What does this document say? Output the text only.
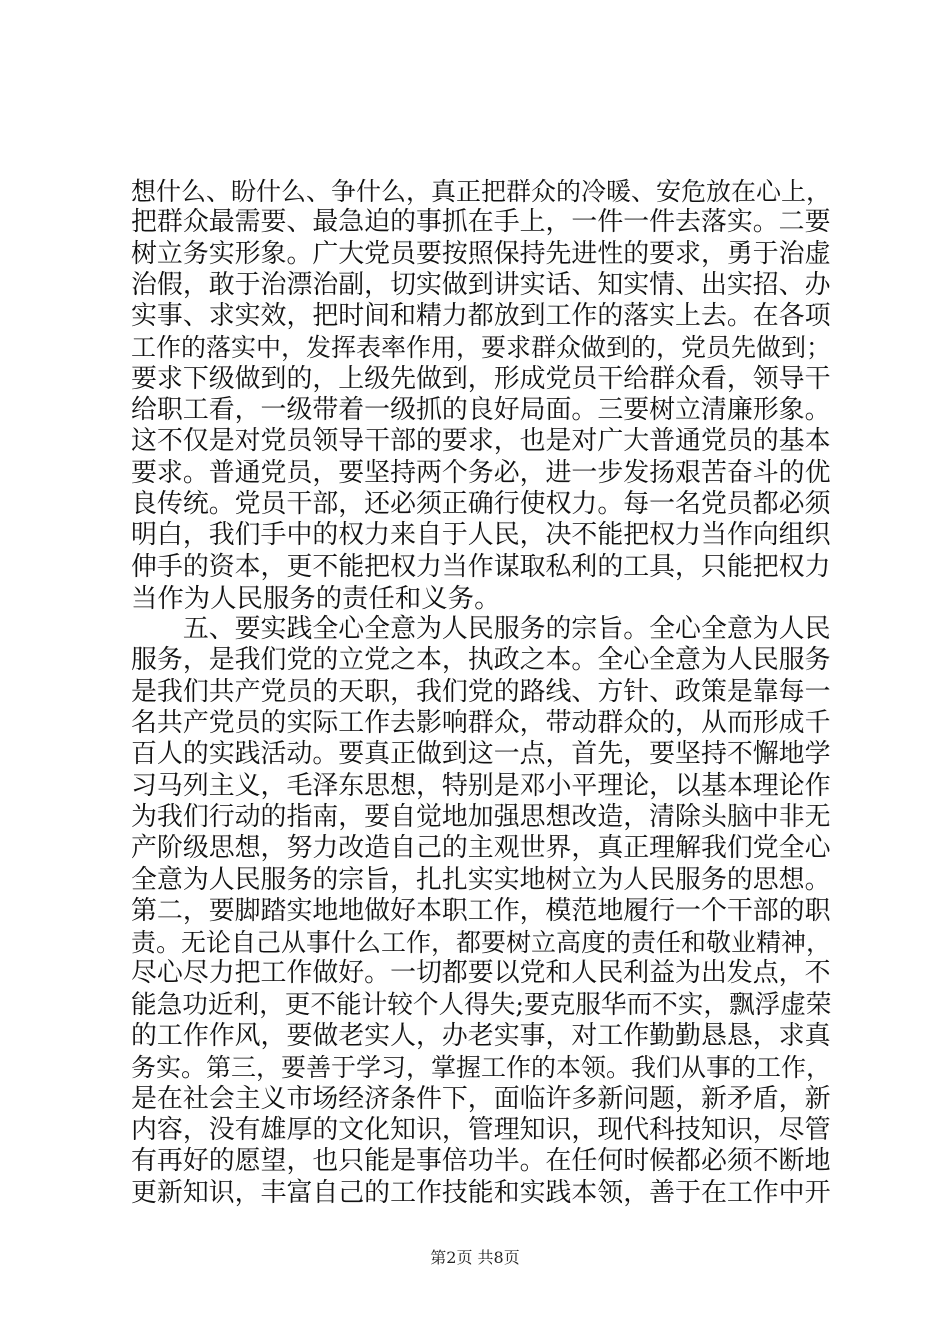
想什么、盼什么、争什么，真正把群众的冷暖、安危放在心上，
把群众最需要、最急迫的事抓在手上，一件一件去落实。二要
树立务实形象。广大党员要按照保持先进性的要求，勇于治虚
治假，敢于治漂治副，切实做到讲实话、知实情、出实招、办
实事、求实效，把时间和精力都放到工作的落实上去。在各项
工作的落实中，发挥表率作用，要求群众做到的，党员先做到；
要求下级做到的，上级先做到，形成党员干给群众看，领导干
给职工看，一级带着一级抓的良好局面。三要树立清廉形象。
这不仅是对党员领导干部的要求，也是对广大普通党员的基本
要求。普通党员，要坚持两个务必，进一步发扬艰苦奋斗的优
良传统。党员干部，还必须正确行使权力。每一名党员都必须
明白，我们手中的权力来自于人民，决不能把权力当作向组织
伸手的资本，更不能把权力当作谋取私利的工具，只能把权力
当作为人民服务的责任和义务。
　　五、要实践全心全意为人民服务的宗旨。全心全意为人民
服务，是我们党的立党之本，执政之本。全心全意为人民服务
是我们共产党员的天职，我们党的路线、方针、政策是靠每一
名共产党员的实际工作去影响群众，带动群众的，从而形成千
百人的实践活动。要真正做到这一点，首先，要坚持不懈地学
习马列主义，毛泽东思想，特别是邓小平理论，以基本理论作
为我们行动的指南，要自觉地加强思想改造，清除头脑中非无
产阶级思想，努力改造自己的主观世界，真正理解我们党全心
全意为人民服务的宗旨，扎扎实实地树立为人民服务的思想。
第二，要脚踏实地地做好本职工作，模范地履行一个干部的职
责。无论自己从事什么工作，都要树立高度的责任和敬业精神，
尽心尽力把工作做好。一切都要以党和人民利益为出发点，不
能急功近利，更不能计较个人得失;要克服华而不实，飘浮虚荣
的工作作风，要做老实人，办老实事，对工作勤勤恳恳，求真
务实。第三，要善于学习，掌握工作的本领。我们从事的工作，
是在社会主义市场经济条件下，面临许多新问题，新矛盾，新
内容，没有雄厚的文化知识，管理知识，现代科技知识，尽管
有再好的愿望，也只能是事倍功半。在任何时候都必须不断地
更新知识，丰富自己的工作技能和实践本领，善于在工作中开
第2页 共8页
